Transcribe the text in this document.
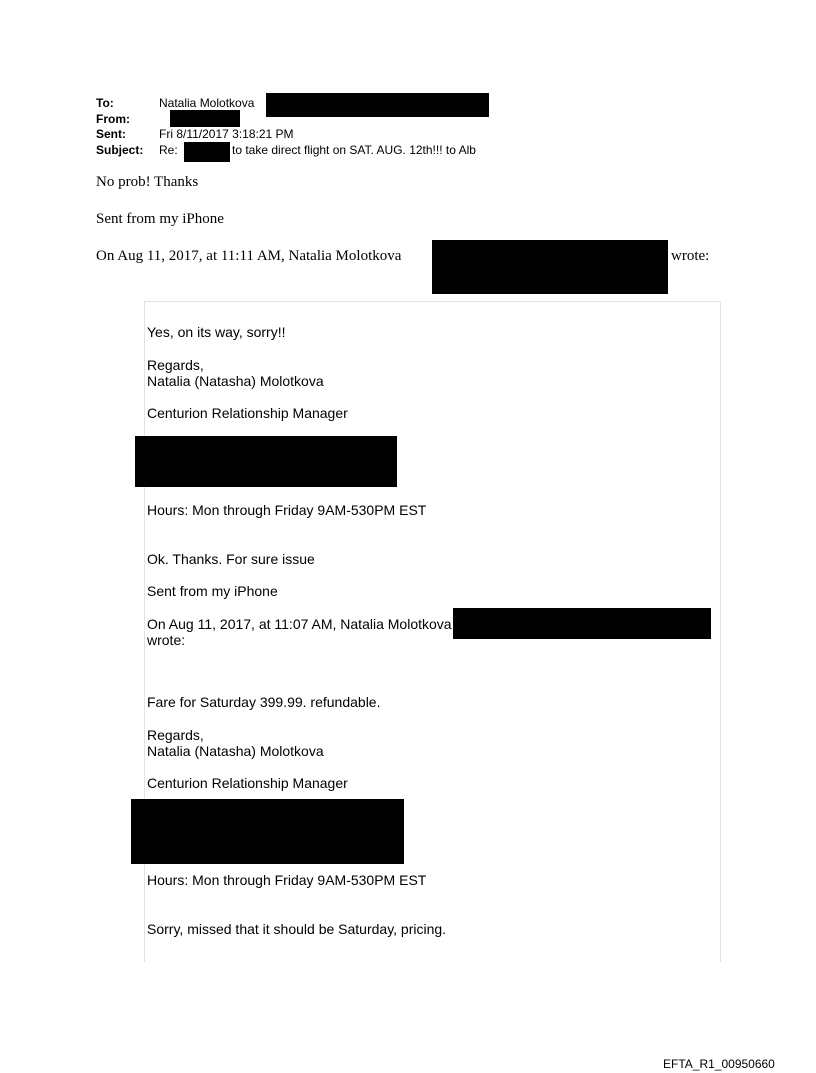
To:	Natalia Molotkova
From:
Sent:	Fri 8/11/2017 3:18:21 PM
Subject: Re:	to take direct flight on SAT. AUG. 12th!!! to Alb
No prob! Thanks
Sent from my iPhone
On Aug 11, 2017, at 11:11 AM, Natalia Molotkova	wrote:
Yes, on its way, sorry!!
Regards,
Natalia (Natasha) Molotkova
Centurion Relationship Manager
Hours: Mon through Friday 9AM-530PM EST
Ok. Thanks. For sure issue
Sent from my iPhone
On Aug 11, 2017, at 11:07 AM, Natalia Molotkova
wrote:
Fare for Saturday 399.99. refundable.
Regards,
Natalia (Natasha) Molotkova
Centurion Relationship Manager
Hours: Mon through Friday 9AM-530PM EST
Sorry, missed that it should be Saturday, pricing.
EFTA_R1_00950660
